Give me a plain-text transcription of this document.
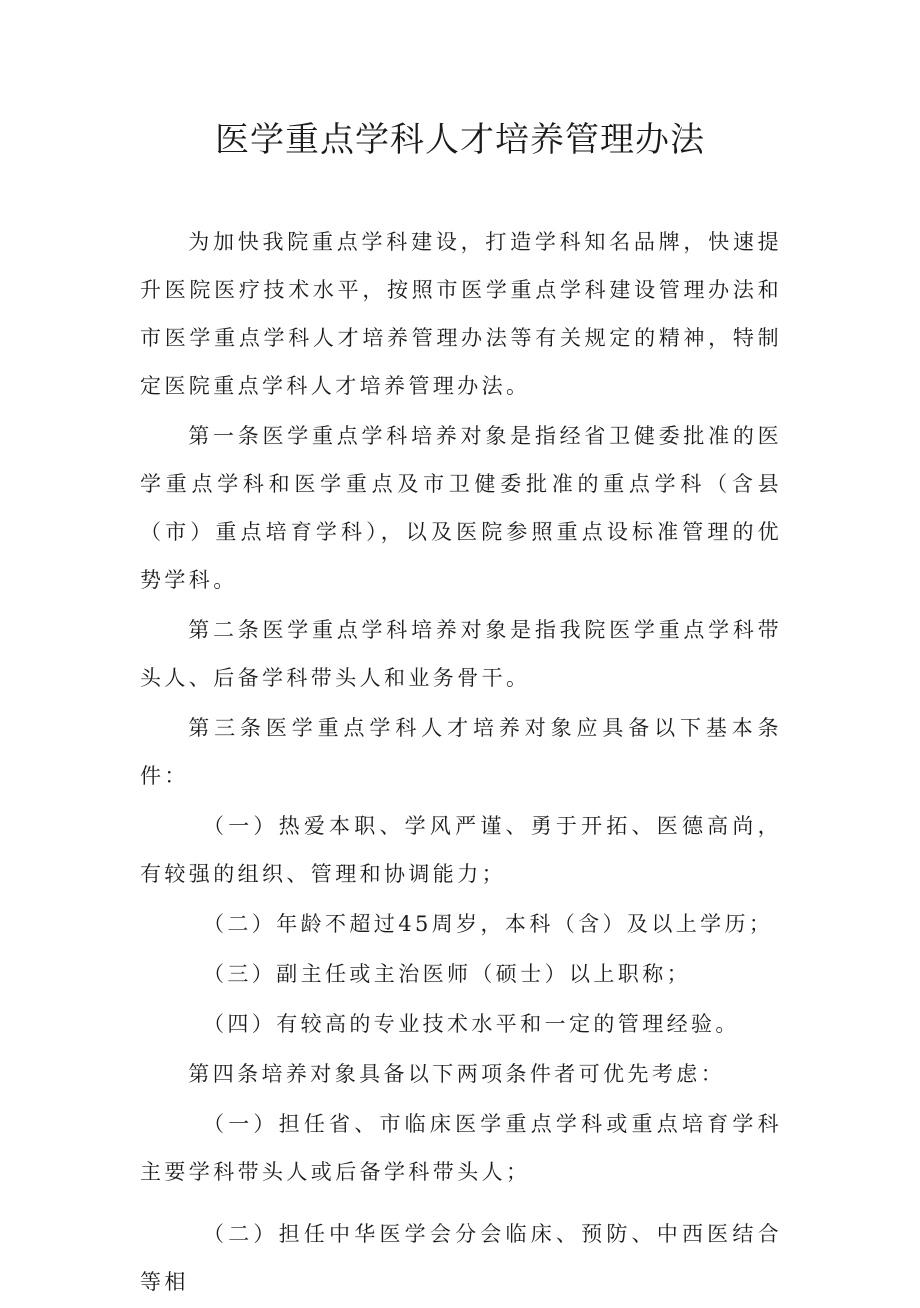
医学重点学科人才培养管理办法

为加快我院重点学科建设，打造学科知名品牌，快速提升医院医疗技术水平，按照市医学重点学科建设管理办法和市医学重点学科人才培养管理办法等有关规定的精神，特制定医院重点学科人才培养管理办法。

第一条医学重点学科培养对象是指经省卫健委批准的医学重点学科和医学重点及市卫健委批准的重点学科（含县（市）重点培育学科），以及医院参照重点设标准管理的优势学科。

第二条医学重点学科培养对象是指我院医学重点学科带头人、后备学科带头人和业务骨干。

第三条医学重点学科人才培养对象应具备以下基本条件：

（一）热爱本职、学风严谨、勇于开拓、医德高尚，有较强的组织、管理和协调能力；

（二）年龄不超过45周岁，本科（含）及以上学历；

（三）副主任或主治医师（硕士）以上职称；

（四）有较高的专业技术水平和一定的管理经验。

第四条培养对象具备以下两项条件者可优先考虑：

（一）担任省、市临床医学重点学科或重点培育学科主要学科带头人或后备学科带头人；

（二）担任中华医学会分会临床、预防、中西医结合等相
